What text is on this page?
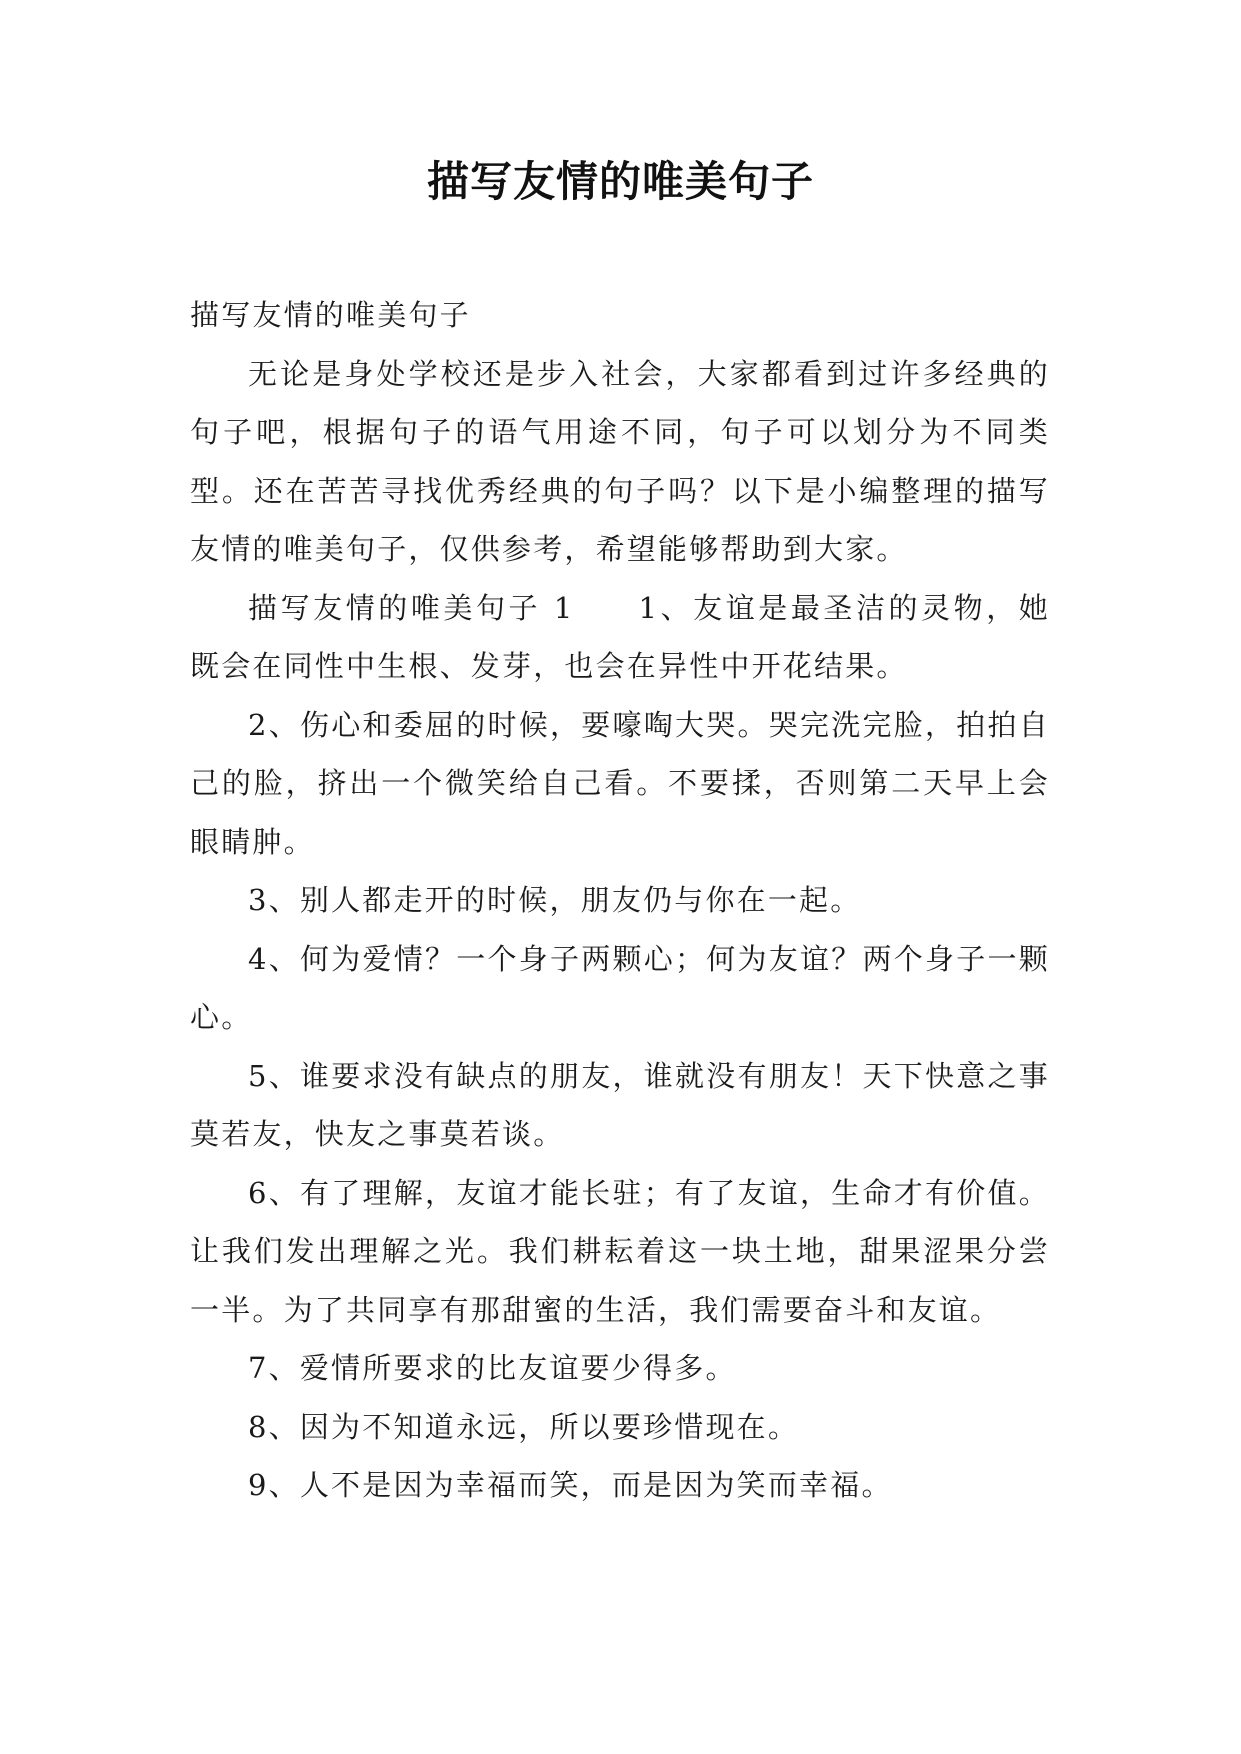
描写友情的唯美句子

描写友情的唯美句子

无论是身处学校还是步入社会，大家都看到过许多经典的句子吧，根据句子的语气用途不同，句子可以划分为不同类型。还在苦苦寻找优秀经典的句子吗？以下是小编整理的描写友情的唯美句子，仅供参考，希望能够帮助到大家。

描写友情的唯美句子 1 1、友谊是最圣洁的灵物，她既会在同性中生根、发芽，也会在异性中开花结果。

2、伤心和委屈的时候，要嚎啕大哭。哭完洗完脸，拍拍自己的脸，挤出一个微笑给自己看。不要揉，否则第二天早上会眼睛肿。

3、别人都走开的时候，朋友仍与你在一起。

4、何为爱情？一个身子两颗心；何为友谊？两个身子一颗心。

5、谁要求没有缺点的朋友，谁就没有朋友！天下快意之事莫若友，快友之事莫若谈。

6、有了理解，友谊才能长驻；有了友谊，生命才有价值。让我们发出理解之光。我们耕耘着这一块土地，甜果涩果分尝一半。为了共同享有那甜蜜的生活，我们需要奋斗和友谊。

7、爱情所要求的比友谊要少得多。

8、因为不知道永远，所以要珍惜现在。

9、人不是因为幸福而笑，而是因为笑而幸福。
